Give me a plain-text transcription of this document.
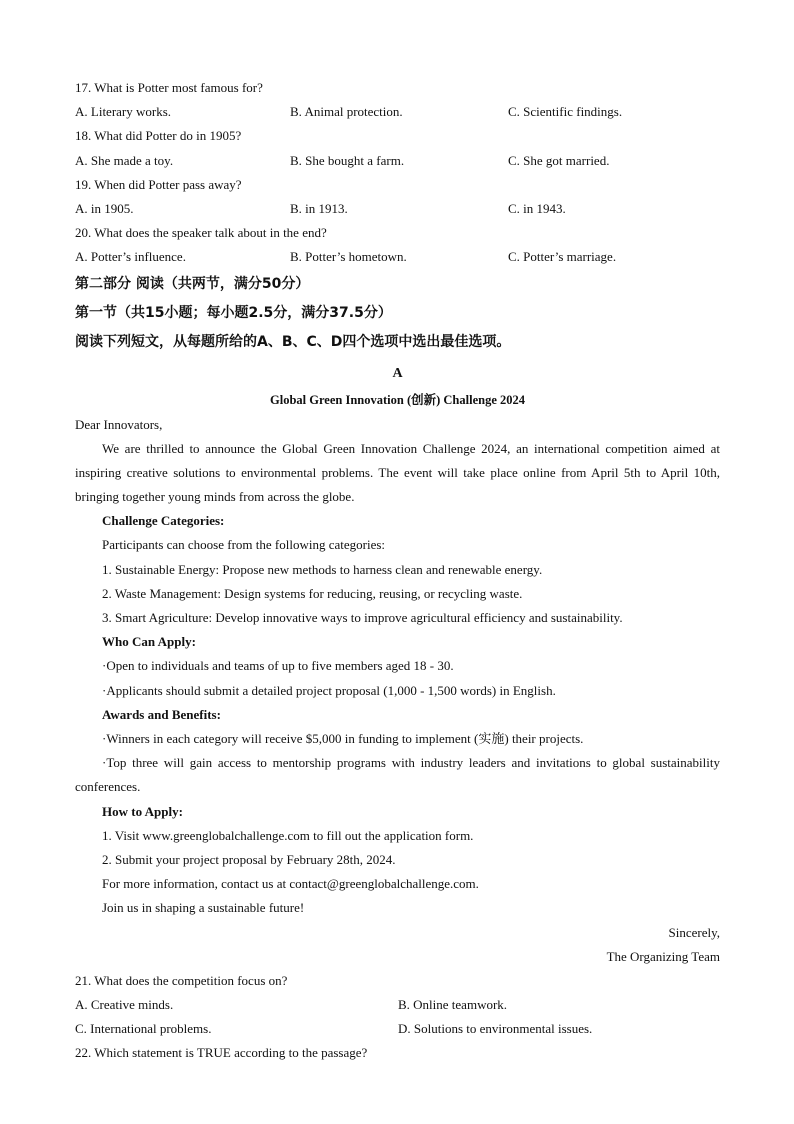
17. What is Potter most famous for?
A. Literary works.	B. Animal protection.	C. Scientific findings.
18. What did Potter do in 1905?
A. She made a toy.	B. She bought a farm.	C. She got married.
19. When did Potter pass away?
A. in 1905.	B. in 1913.	C. in 1943.
20. What does the speaker talk about in the end?
A. Potter’s influence.	B. Potter’s hometown.	C. Potter’s marriage.
第二部分 阅读（共两节，满分50分）
第一节（共15小题；每小题2.5分，满分37.5分）
阅读下列短文，从每题所给的A、B、C、D四个选项中选出最佳选项。
A
Global Green Innovation (创新) Challenge 2024
Dear Innovators,

We are thrilled to announce the Global Green Innovation Challenge 2024, an international competition aimed at inspiring creative solutions to environmental problems. The event will take place online from April 5th to April 10th, bringing together young minds from across the globe.

Challenge Categories:
Participants can choose from the following categories:
1. Sustainable Energy: Propose new methods to harness clean and renewable energy.
2. Waste Management: Design systems for reducing, reusing, or recycling waste.
3. Smart Agriculture: Develop innovative ways to improve agricultural efficiency and sustainability.
Who Can Apply:
·Open to individuals and teams of up to five members aged 18 - 30.
·Applicants should submit a detailed project proposal (1,000 - 1,500 words) in English.
Awards and Benefits:
·Winners in each category will receive $5,000 in funding to implement (实施) their projects.

·Top three will gain access to mentorship programs with industry leaders and invitations to global sustainability conferences.

How to Apply:
1. Visit www.greenglobalchallenge.com to fill out the application form.
2. Submit your project proposal by February 28th, 2024.
For more information, contact us at contact@greenglobalchallenge.com.
Join us in shaping a sustainable future!
Sincerely,
The Organizing Team
21. What does the competition focus on?
A. Creative minds.	B. Online teamwork.
C. International problems.	D. Solutions to environmental issues.
22. Which statement is TRUE according to the passage?
